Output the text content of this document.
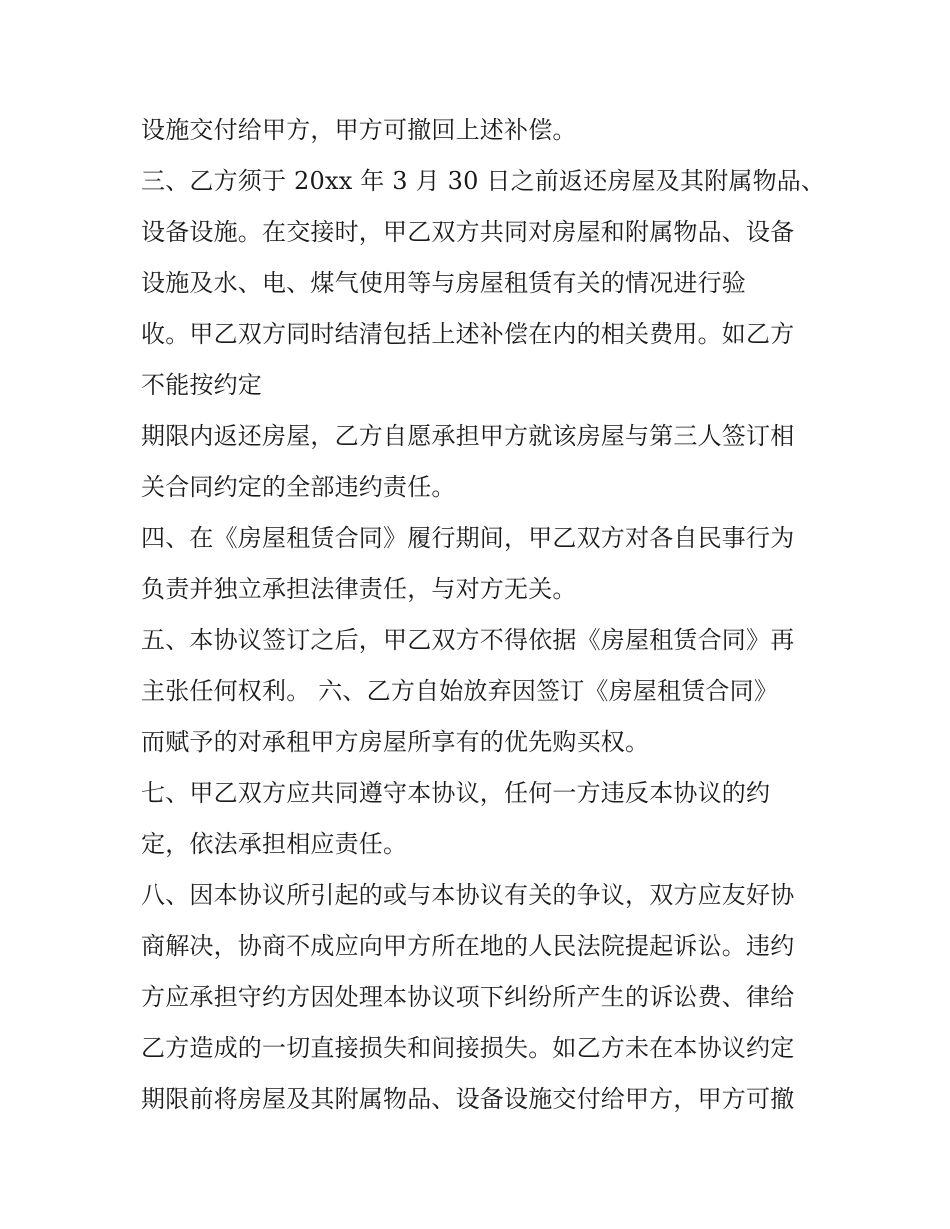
设施交付给甲方，甲方可撤回上述补偿。
三、乙方须于 20xx 年 3 月 30 日之前返还房屋及其附属物品、
设备设施。在交接时，甲乙双方共同对房屋和附属物品、设备
设施及水、电、煤气使用等与房屋租赁有关的情况进行验
收。甲乙双方同时结清包括上述补偿在内的相关费用。如乙方
不能按约定
期限内返还房屋，乙方自愿承担甲方就该房屋与第三人签订相
关合同约定的全部违约责任。
四、在《房屋租赁合同》履行期间，甲乙双方对各自民事行为
负责并独立承担法律责任，与对方无关。
五、本协议签订之后，甲乙双方不得依据《房屋租赁合同》再
主张任何权利。 六、乙方自始放弃因签订《房屋租赁合同》
而赋予的对承租甲方房屋所享有的优先购买权。
七、甲乙双方应共同遵守本协议，任何一方违反本协议的约
定，依法承担相应责任。
八、因本协议所引起的或与本协议有关的争议，双方应友好协
商解决，协商不成应向甲方所在地的人民法院提起诉讼。违约
方应承担守约方因处理本协议项下纠纷所产生的诉讼费、律给
乙方造成的一切直接损失和间接损失。如乙方未在本协议约定
期限前将房屋及其附属物品、设备设施交付给甲方，甲方可撤
